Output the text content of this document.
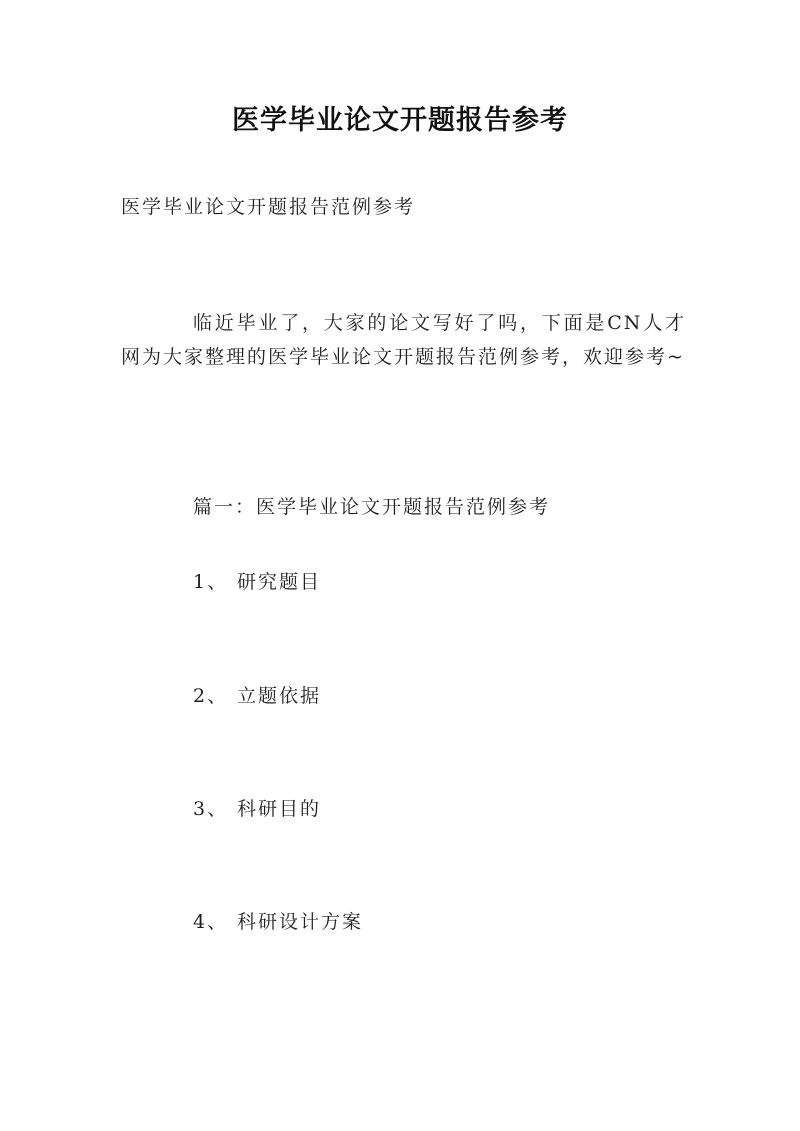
医学毕业论文开题报告参考
医学毕业论文开题报告范例参考
临近毕业了，大家的论文写好了吗，下面是CN人才网为大家整理的医学毕业论文开题报告范例参考，欢迎参考~
篇一：医学毕业论文开题报告范例参考
1、 研究题目
2、 立题依据
3、 科研目的
4、 科研设计方案
